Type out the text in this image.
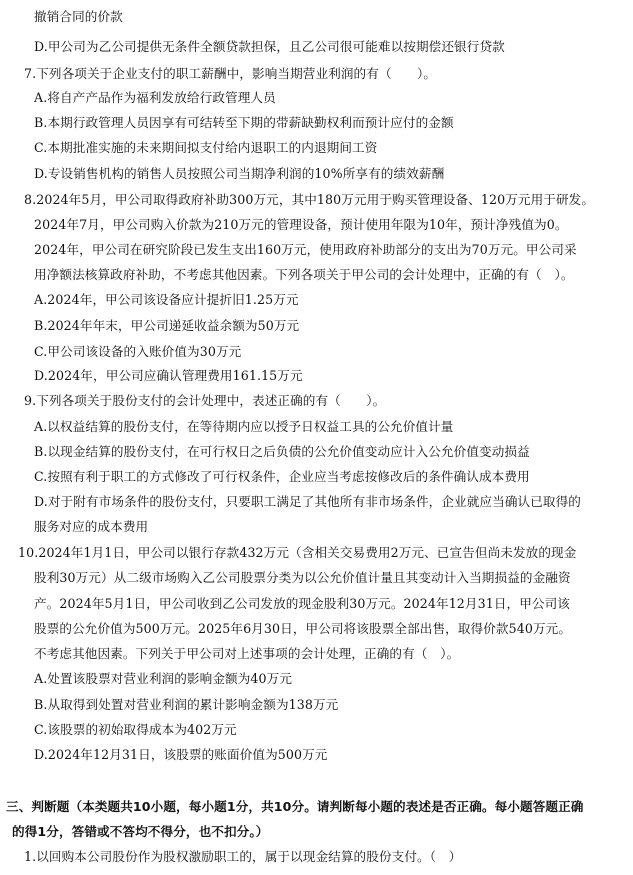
撤销合同的价款
D.甲公司为乙公司提供无条件全额贷款担保，且乙公司很可能难以按期偿还银行贷款
7.下列各项关于企业支付的职工薪酬中，影响当期营业利润的有（　　）。
A.将自产产品作为福利发放给行政管理人员
B.本期行政管理人员因享有可结转至下期的带薪缺勤权利而预计应付的金额
C.本期批准实施的未来期间拟支付给内退职工的内退期间工资
D.专设销售机构的销售人员按照公司当期净利润的10%所享有的绩效薪酬
8.2024年5月，甲公司取得政府补助300万元，其中180万元用于购买管理设备、120万元用于研发。
2024年7月，甲公司购入价款为210万元的管理设备，预计使用年限为10年，预计净残值为0。
2024年，甲公司在研究阶段已发生支出160万元，使用政府补助部分的支出为70万元。甲公司采
用净额法核算政府补助，不考虑其他因素。下列各项关于甲公司的会计处理中，正确的有（　）。
A.2024年，甲公司该设备应计提折旧1.25万元
B.2024年年末，甲公司递延收益余额为50万元
C.甲公司该设备的入账价值为30万元
D.2024年，甲公司应确认管理费用161.15万元
9.下列各项关于股份支付的会计处理中，表述正确的有（　　）。
A.以权益结算的股份支付，在等待期内应以授予日权益工具的公允价值计量
B.以现金结算的股份支付，在可行权日之后负债的公允价值变动应计入公允价值变动损益
C.按照有利于职工的方式修改了可行权条件，企业应当考虑按修改后的条件确认成本费用
D.对于附有市场条件的股份支付，只要职工满足了其他所有非市场条件，企业就应当确认已取得的
服务对应的成本费用
10.2024年1月1日，甲公司以银行存款432万元（含相关交易费用2万元、已宣告但尚未发放的现金
股利30万元）从二级市场购入乙公司股票分类为以公允价值计量且其变动计入当期损益的金融资
产。2024年5月1日，甲公司收到乙公司发放的现金股利30万元。2024年12月31日，甲公司该
股票的公允价值为500万元。2025年6月30日，甲公司将该股票全部出售，取得价款540万元。
不考虑其他因素。下列关于甲公司对上述事项的会计处理，正确的有（　）。
A.处置该股票对营业利润的影响金额为40万元
B.从取得到处置对营业利润的累计影响金额为138万元
C.该股票的初始取得成本为402万元
D.2024年12月31日，该股票的账面价值为500万元
三、判断题（本类题共10小题，每小题1分，共10分。请判断每小题的表述是否正确。每小题答题正确
的得1分，答错或不答均不得分，也不扣分。）
1.以回购本公司股份作为股权激励职工的，属于以现金结算的股份支付。（　）
